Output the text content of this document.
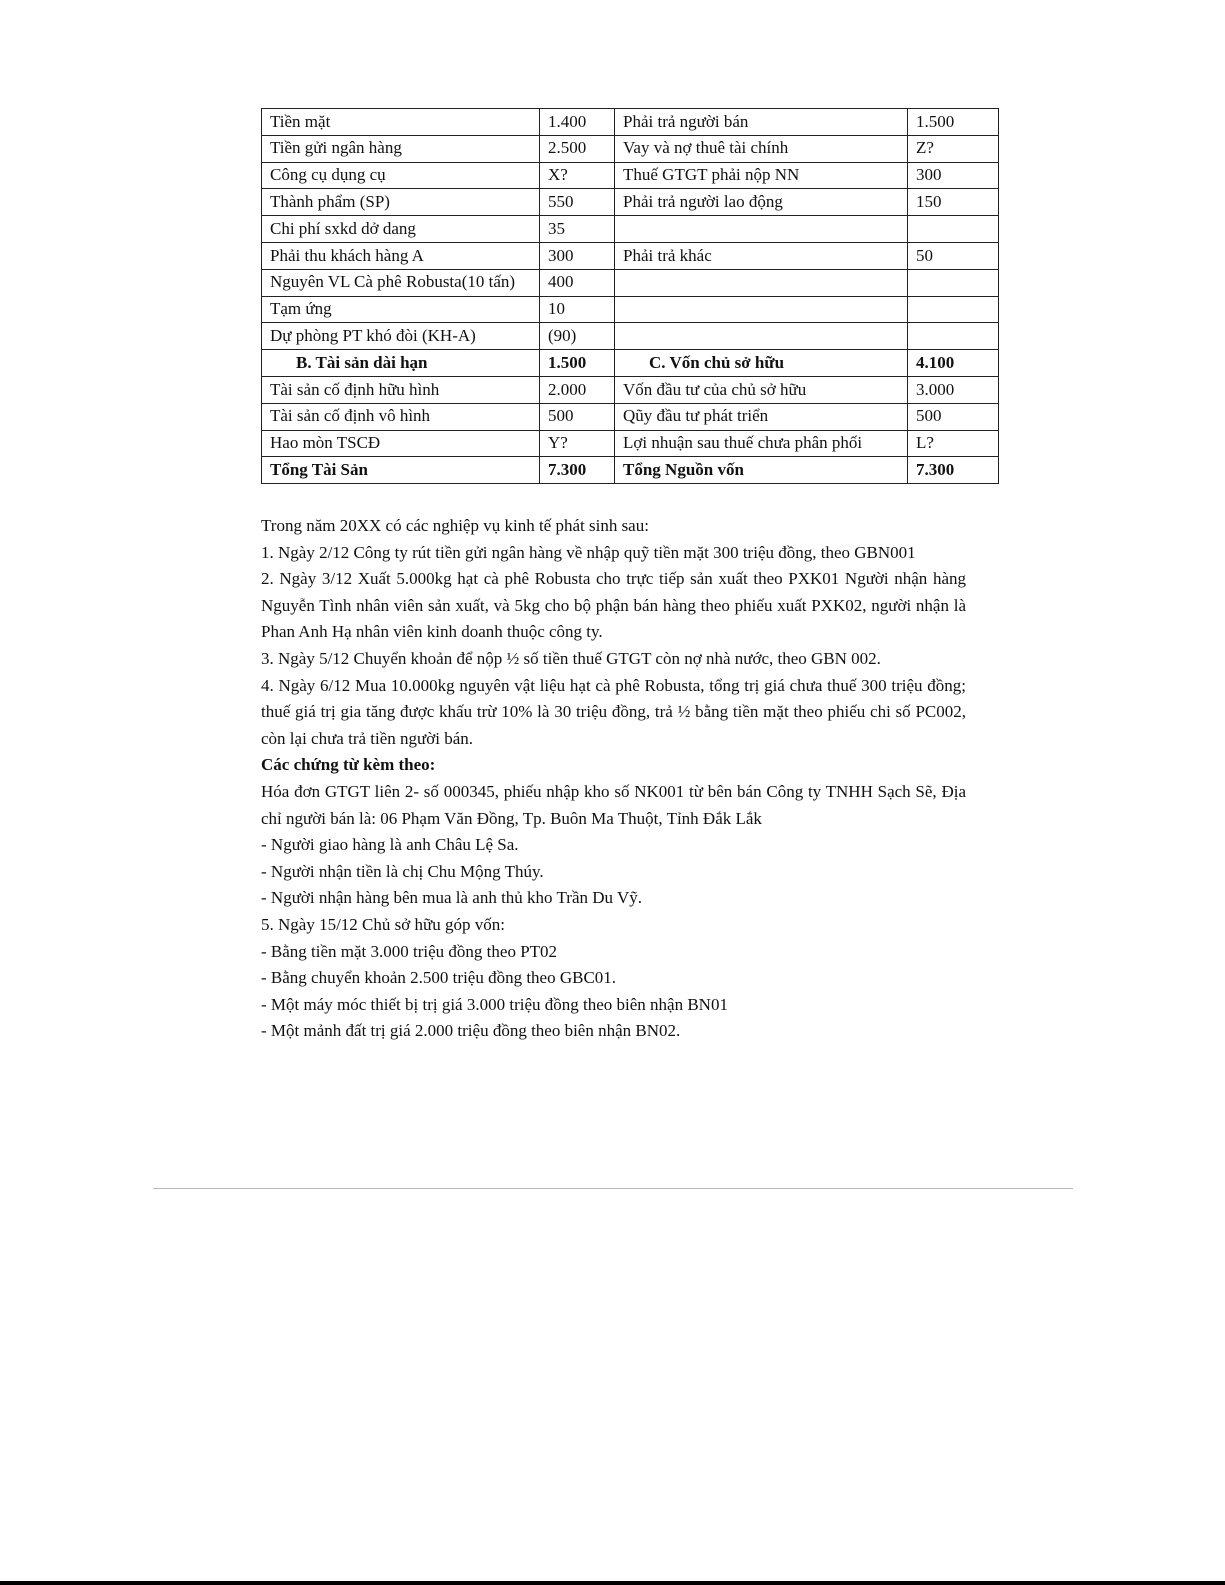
Tiền mặt	1.400	Phải trả người bán	1.500
Tiền gửi ngân hàng	2.500	Vay và nợ thuê tài chính	Z?
Công cụ dụng cụ	X?	Thuế GTGT phải nộp NN	300
Thành phẩm (SP)	550	Phải trả người lao động	150
Chi phí sxkd dở dang	35		
Phải thu khách hàng A	300	Phải trả khác	50
Nguyên VL Cà phê Robusta(10 tấn)	400		
Tạm ứng	10		
Dự phòng PT khó đòi (KH-A)	(90)		
B. Tài sản dài hạn	1.500	C. Vốn chủ sở hữu	4.100
Tài sản cố định hữu hình	2.000	Vốn đầu tư của chủ sở hữu	3.000
Tài sản cố định vô hình	500	Qũy đầu tư phát triển	500
Hao mòn TSCĐ	Y?	Lợi nhuận sau thuế chưa phân phối	L?
Tổng Tài Sản	7.300	Tổng Nguồn vốn	7.300

Trong năm 20XX có các nghiệp vụ kinh tế phát sinh sau:

1. Ngày 2/12 Công ty rút tiền gửi ngân hàng về nhập quỹ tiền mặt 300 triệu đồng, theo GBN001

2. Ngày 3/12 Xuất 5.000kg hạt cà phê Robusta cho trực tiếp sản xuất theo PXK01 Người nhận hàng Nguyễn Tình nhân viên sản xuất, và 5kg cho bộ phận bán hàng theo phiếu xuất PXK02, người nhận là Phan Anh Hạ nhân viên kinh doanh thuộc công ty.

3. Ngày 5/12 Chuyển khoản để nộp ½ số tiền thuế GTGT còn nợ nhà nước, theo GBN 002.

4. Ngày 6/12 Mua 10.000kg nguyên vật liệu hạt cà phê Robusta, tổng trị giá chưa thuế 300 triệu đồng; thuế giá trị gia tăng được khấu trừ 10% là 30 triệu đồng, trả ½ bằng tiền mặt theo phiếu chi số PC002, còn lại chưa trả tiền người bán.

Các chứng từ kèm theo:

Hóa đơn GTGT liên 2- số 000345, phiếu nhập kho số NK001 từ bên bán Công ty TNHH Sạch Sẽ, Địa chỉ người bán là: 06 Phạm Văn Đồng, Tp. Buôn Ma Thuột, Tỉnh Đắk Lắk

- Người giao hàng là anh Châu Lệ Sa.

- Người nhận tiền là chị Chu Mộng Thúy.

- Người nhận hàng bên mua là anh thủ kho Trần Du Vỹ.

5. Ngày 15/12 Chủ sở hữu góp vốn:

- Bằng tiền mặt 3.000 triệu đồng theo PT02

- Bằng chuyển khoản 2.500 triệu đồng theo GBC01.

- Một máy móc thiết bị trị giá 3.000 triệu đồng theo biên nhận BN01

- Một mảnh đất trị giá 2.000 triệu đồng theo biên nhận BN02.
